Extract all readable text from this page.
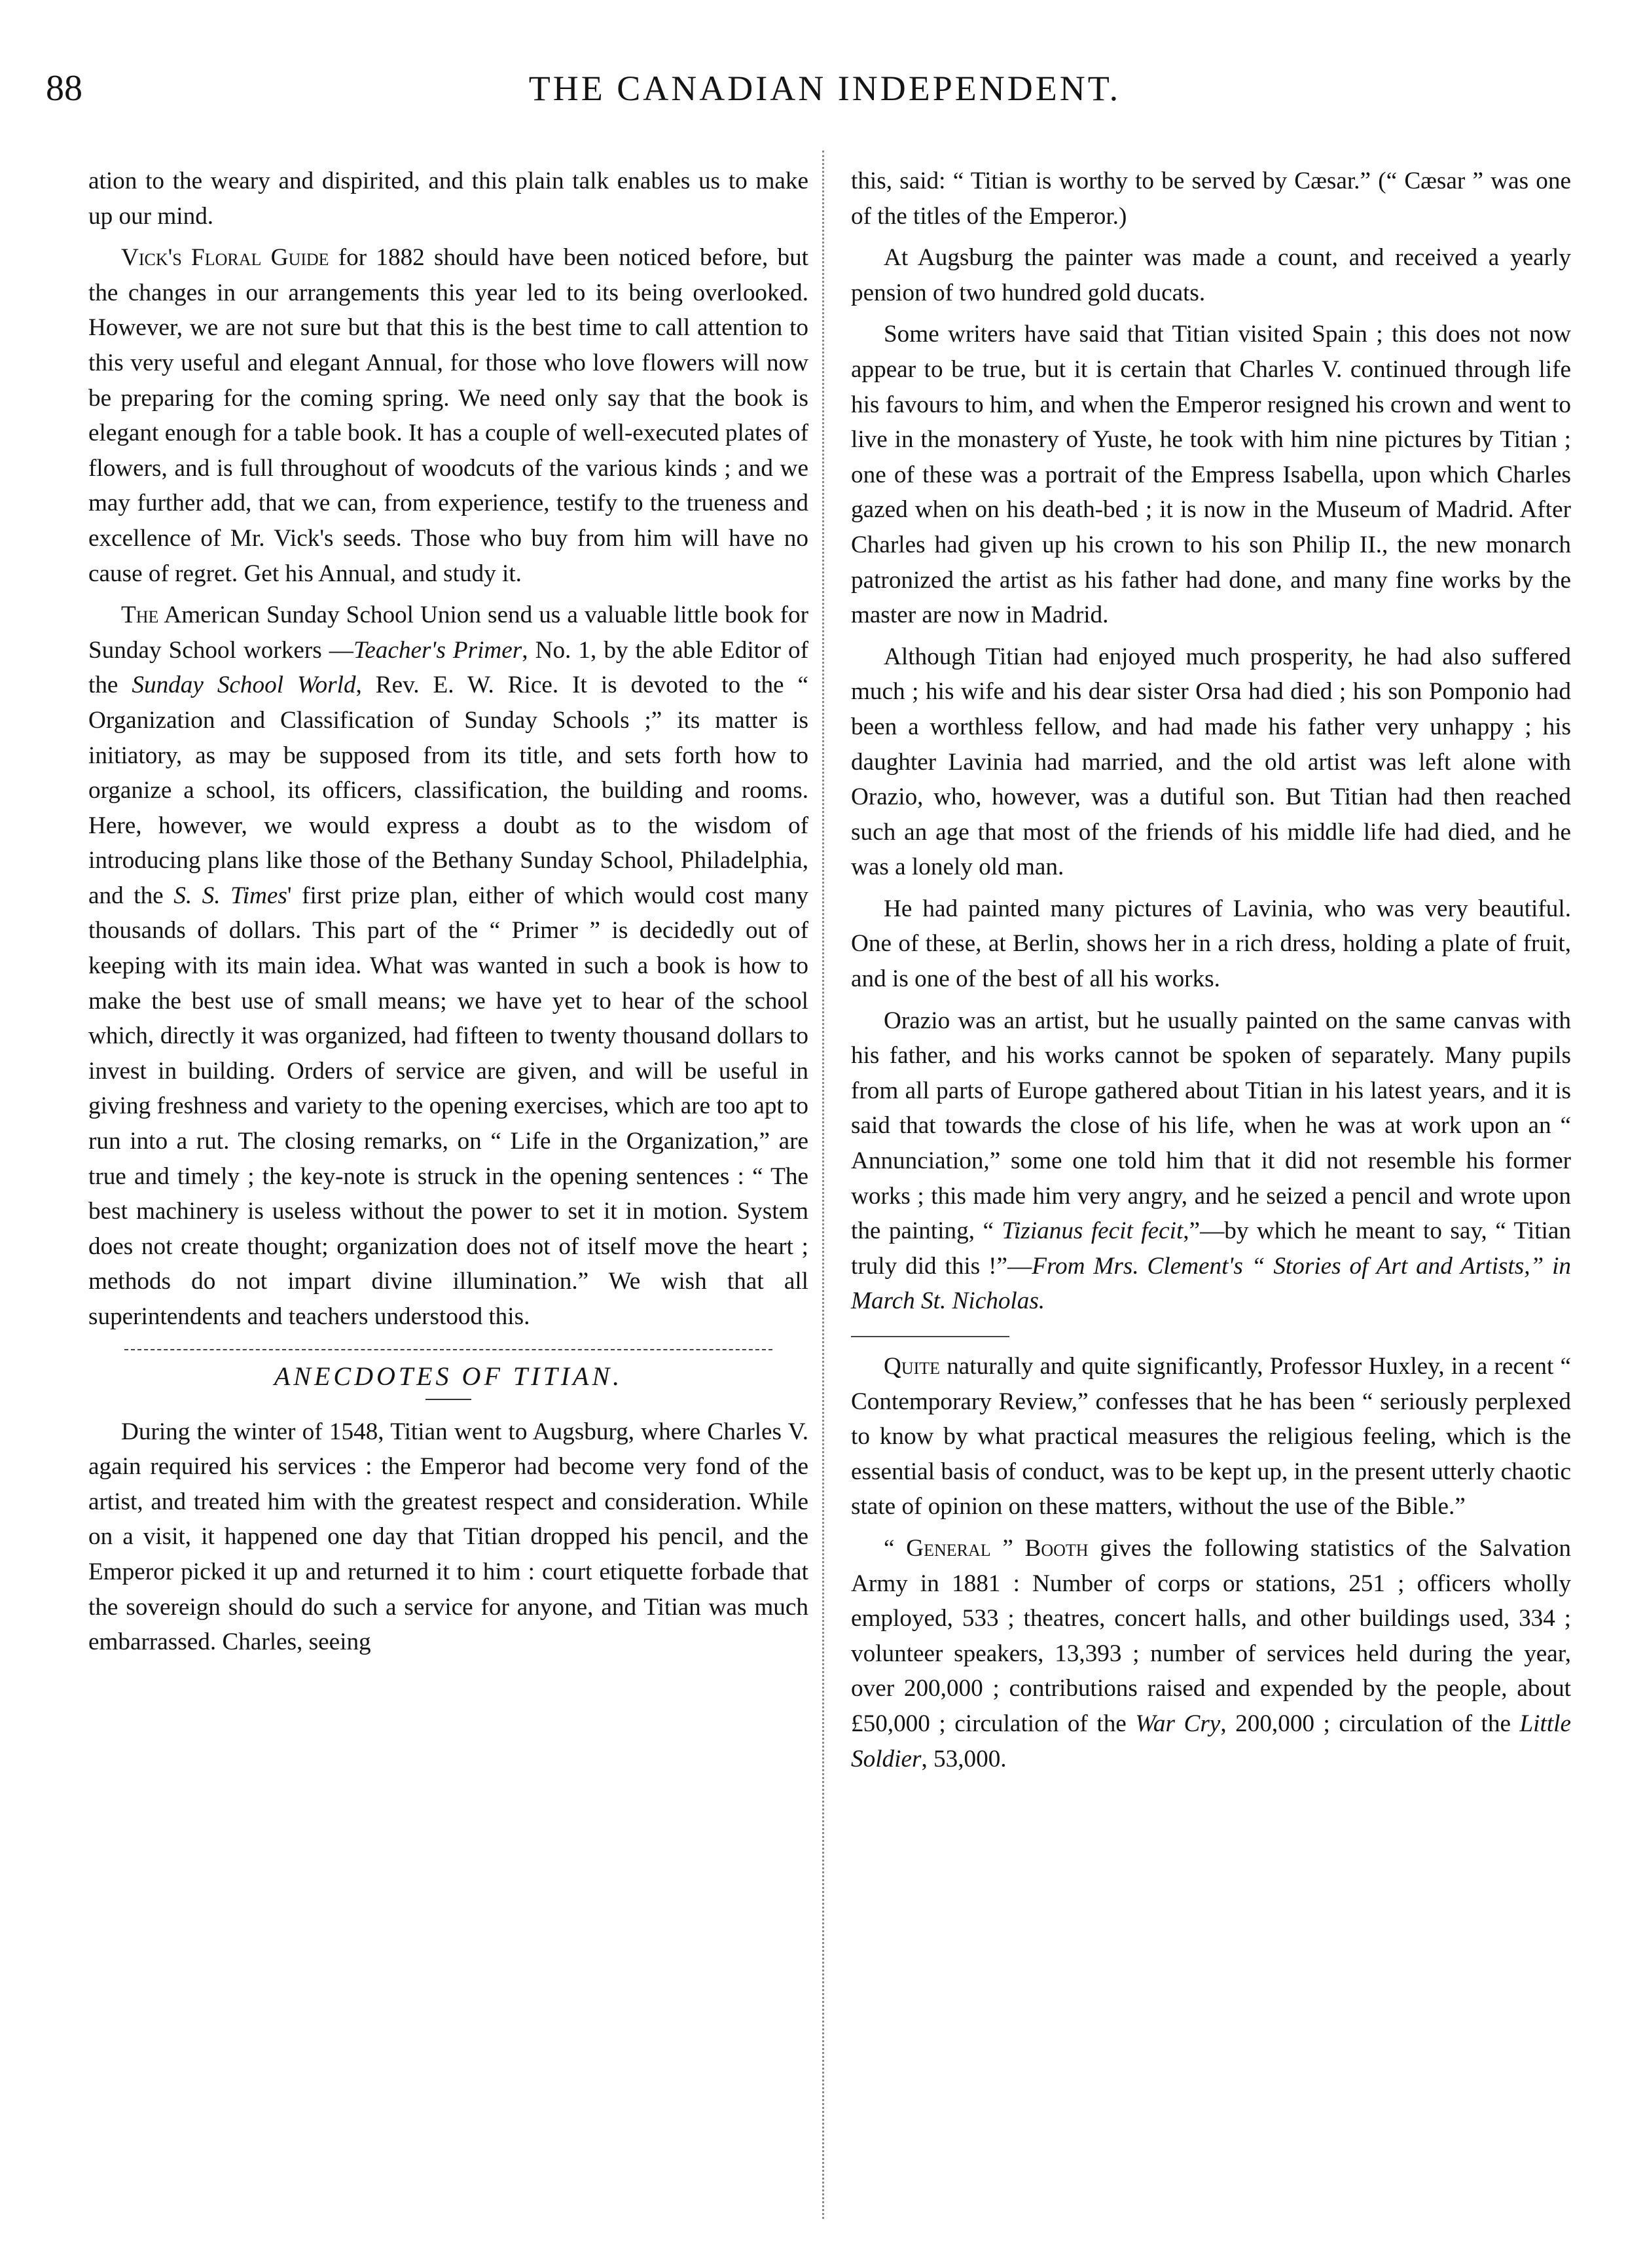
88	THE CANADIAN INDEPENDENT.

ation to the weary and dispirited, and this plain talk enables us to make up our mind.

Vick's Floral Guide for 1882 should have been noticed before, but the changes in our arrangements this year led to its being overlooked. However, we are not sure but that this is the best time to call attention to this very useful and elegant Annual, for those who love flowers will now be preparing for the coming spring. We need only say that the book is elegant enough for a table book. It has a couple of well-executed plates of flowers, and is full throughout of woodcuts of the various kinds ; and we may further add, that we can, from experience, testify to the trueness and excellence of Mr. Vick's seeds. Those who buy from him will have no cause of regret. Get his Annual, and study it.

The American Sunday School Union send us a valuable little book for Sunday School workers —Teacher's Primer, No. 1, by the able Editor of the Sunday School World, Rev. E. W. Rice. It is devoted to the “ Organization and Classification of Sunday Schools ;” its matter is initiatory, as may be supposed from its title, and sets forth how to organize a school, its officers, classification, the building and rooms. Here, however, we would express a doubt as to the wisdom of introducing plans like those of the Bethany Sunday School, Philadelphia, and the S. S. Times' first prize plan, either of which would cost many thousands of dollars. This part of the “ Primer ” is decidedly out of keeping with its main idea. What was wanted in such a book is how to make the best use of small means; we have yet to hear of the school which, directly it was organized, had fifteen to twenty thousand dollars to invest in building. Orders of service are given, and will be useful in giving freshness and variety to the opening exercises, which are too apt to run into a rut. The closing remarks, on “ Life in the Organization,” are true and timely ; the key-note is struck in the opening sentences : “ The best machinery is useless without the power to set it in motion. System does not create thought; organization does not of itself move the heart ; methods do not impart divine illumination.” We wish that all superintendents and teachers understood this.

ANECDOTES OF TITIAN.

During the winter of 1548, Titian went to Augsburg, where Charles V. again required his services : the Emperor had become very fond of the artist, and treated him with the greatest respect and consideration. While on a visit, it happened one day that Titian dropped his pencil, and the Emperor picked it up and returned it to him : court etiquette forbade that the sovereign should do such a service for anyone, and Titian was much embarrassed. Charles, seeing

this, said: “ Titian is worthy to be served by Cæsar.” (“ Cæsar ” was one of the titles of the Emperor.)

At Augsburg the painter was made a count, and received a yearly pension of two hundred gold ducats.

Some writers have said that Titian visited Spain ; this does not now appear to be true, but it is certain that Charles V. continued through life his favours to him, and when the Emperor resigned his crown and went to live in the monastery of Yuste, he took with him nine pictures by Titian ; one of these was a portrait of the Empress Isabella, upon which Charles gazed when on his death-bed ; it is now in the Museum of Madrid. After Charles had given up his crown to his son Philip II., the new monarch patronized the artist as his father had done, and many fine works by the master are now in Madrid.

Although Titian had enjoyed much prosperity, he had also suffered much ; his wife and his dear sister Orsa had died ; his son Pomponio had been a worthless fellow, and had made his father very unhappy ; his daughter Lavinia had married, and the old artist was left alone with Orazio, who, however, was a dutiful son. But Titian had then reached such an age that most of the friends of his middle life had died, and he was a lonely old man.

He had painted many pictures of Lavinia, who was very beautiful. One of these, at Berlin, shows her in a rich dress, holding a plate of fruit, and is one of the best of all his works.

Orazio was an artist, but he usually painted on the same canvas with his father, and his works cannot be spoken of separately. Many pupils from all parts of Europe gathered about Titian in his latest years, and it is said that towards the close of his life, when he was at work upon an “ Annunciation,” some one told him that it did not resemble his former works ; this made him very angry, and he seized a pencil and wrote upon the painting, “ Tizianus fecit fecit,”—by which he meant to say, “ Titian truly did this !”—From Mrs. Clement's “ Stories of Art and Artists,” in March St. Nicholas.

Quite naturally and quite significantly, Professor Huxley, in a recent “ Contemporary Review,” confesses that he has been “ seriously perplexed to know by what practical measures the religious feeling, which is the essential basis of conduct, was to be kept up, in the present utterly chaotic state of opinion on these matters, without the use of the Bible.”

“ General ” Booth gives the following statistics of the Salvation Army in 1881 : Number of corps or stations, 251 ; officers wholly employed, 533 ; theatres, concert halls, and other buildings used, 334 ; volunteer speakers, 13,393 ; number of services held during the year, over 200,000 ; contributions raised and expended by the people, about £50,000 ; circulation of the War Cry, 200,000 ; circulation of the Little Soldier, 53,000.
